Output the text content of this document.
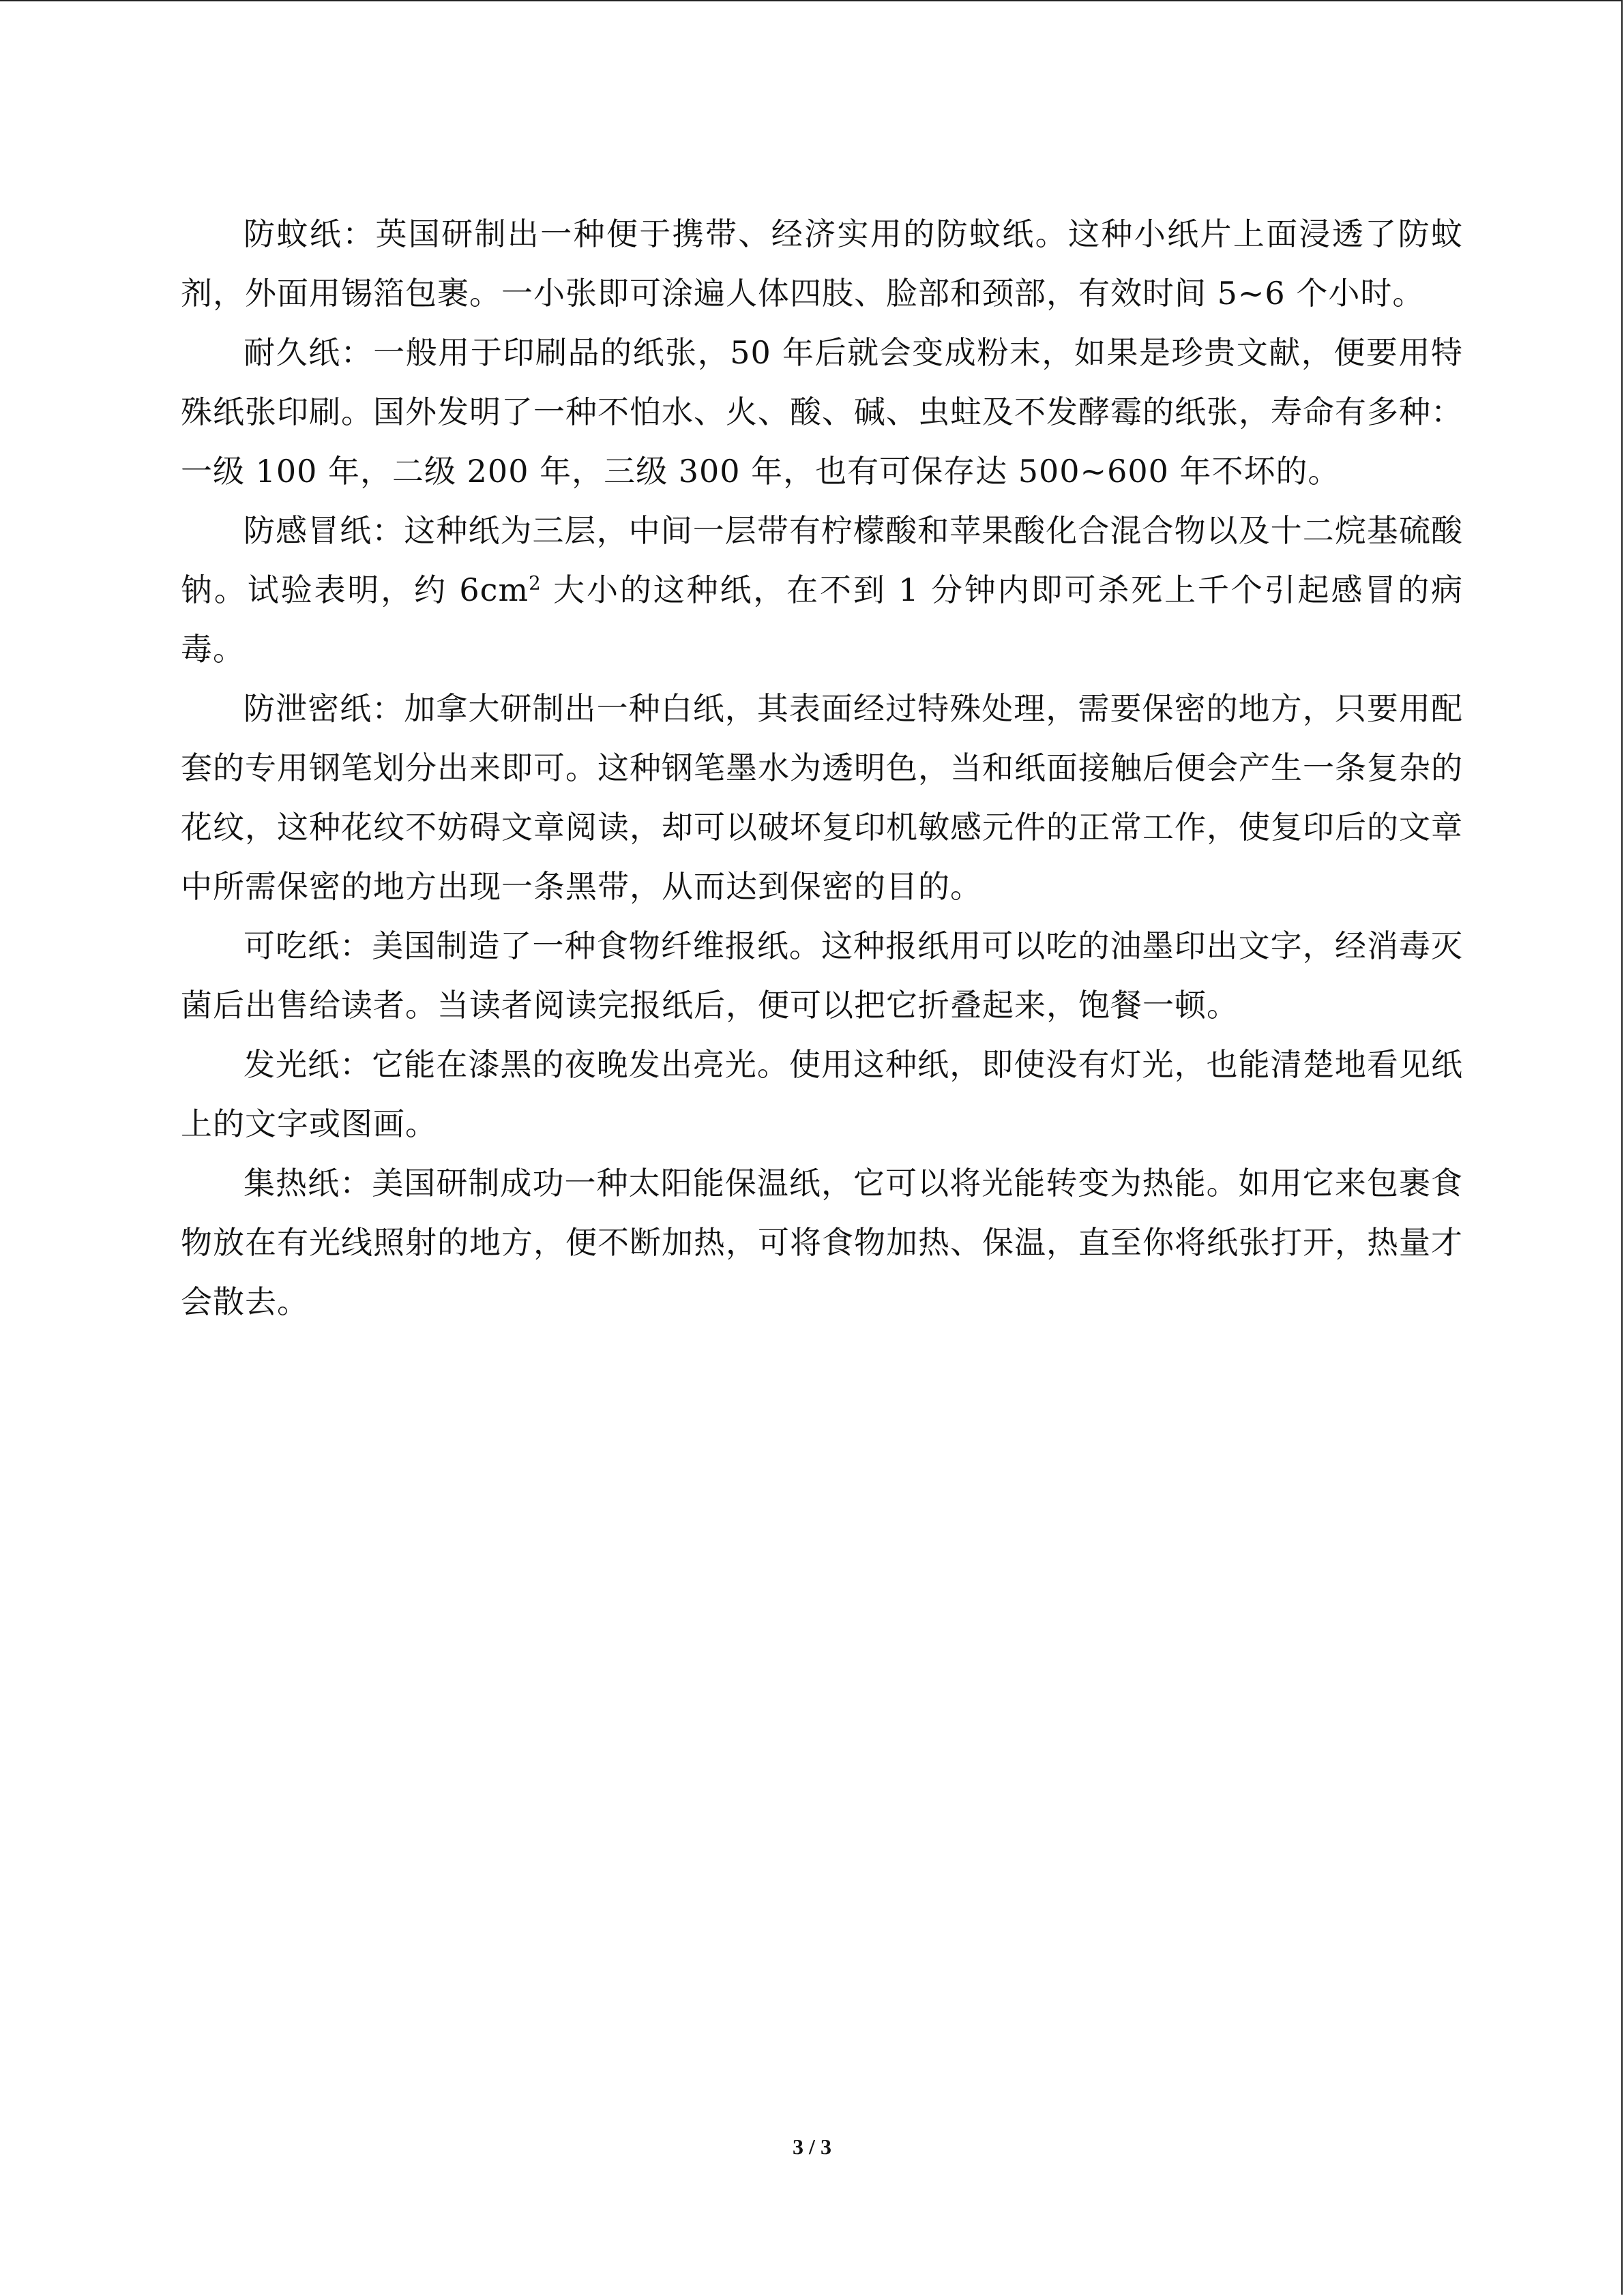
防蚊纸：英国研制出一种便于携带、经济实用的防蚊纸。这种小纸片上面浸透了防蚊剂，外面用锡箔包裹。一小张即可涂遍人体四肢、脸部和颈部，有效时间 5~6 个小时。

耐久纸：一般用于印刷品的纸张，50 年后就会变成粉末，如果是珍贵文献，便要用特殊纸张印刷。国外发明了一种不怕水、火、酸、碱、虫蛀及不发酵霉的纸张，寿命有多种：一级 100 年，二级 200 年，三级 300 年，也有可保存达 500~600 年不坏的。

防感冒纸：这种纸为三层，中间一层带有柠檬酸和苹果酸化合混合物以及十二烷基硫酸钠。试验表明，约 $6cm^2$ 大小的这种纸，在不到 1 分钟内即可杀死上千个引起感冒的病毒。

防泄密纸：加拿大研制出一种白纸，其表面经过特殊处理，需要保密的地方，只要用配套的专用钢笔划分出来即可。这种钢笔墨水为透明色，当和纸面接触后便会产生一条复杂的花纹，这种花纹不妨碍文章阅读，却可以破坏复印机敏感元件的正常工作，使复印后的文章中所需保密的地方出现一条黑带，从而达到保密的目的。

可吃纸：美国制造了一种食物纤维报纸。这种报纸用可以吃的油墨印出文字，经消毒灭菌后出售给读者。当读者阅读完报纸后，便可以把它折叠起来，饱餐一顿。

发光纸：它能在漆黑的夜晚发出亮光。使用这种纸，即使没有灯光，也能清楚地看见纸上的文字或图画。

集热纸：美国研制成功一种太阳能保温纸，它可以将光能转变为热能。如用它来包裹食物放在有光线照射的地方，便不断加热，可将食物加热、保温，直至你将纸张打开，热量才会散去。

3 / 3
